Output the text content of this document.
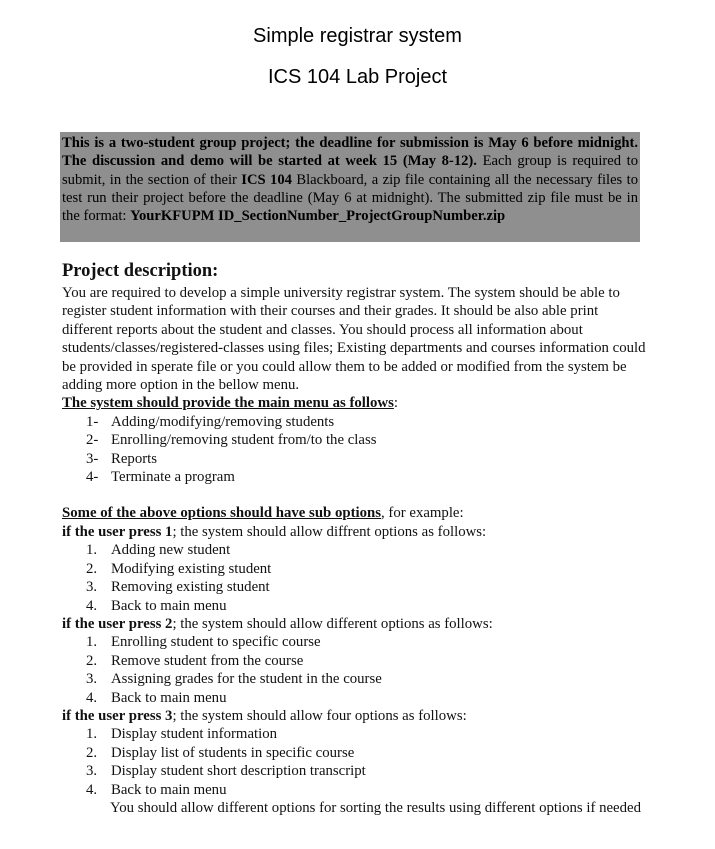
Simple registrar system
ICS 104 Lab Project
This is a two-student group project; the deadline for submission is May 6 before midnight. The discussion and demo will be started at week 15 (May 8-12). Each group is required to submit, in the section of their ICS 104 Blackboard, a zip file containing all the necessary files to test run their project before the deadline (May 6 at midnight). The submitted zip file must be in the format: YourKFUPM ID_SectionNumber_ProjectGroupNumber.zip
Project description:

You are required to develop a simple university registrar system. The system should be able to register student information with their courses and their grades. It should be also able print different reports about the student and classes. You should process all information about students/classes/registered-classes using files; Existing departments and courses information could be provided in sperate file or you could allow them to be added or modified from the system be adding more option in the bellow menu.

The system should provide the main menu as follows:
1- Adding/modifying/removing students
2- Enrolling/removing student from/to the class
3- Reports
4- Terminate a program
Some of the above options should have sub options, for example:
if the user press 1; the system should allow diffrent options as follows:
1. Adding new student
2. Modifying existing student
3. Removing existing student
4. Back to main menu
if the user press 2; the system should allow different options as follows:
1. Enrolling student to specific course
2. Remove student from the course
3. Assigning grades for the student in the course
4. Back to main menu
if the user press 3; the system should allow four options as follows:
1. Display student information
2. Display list of students in specific course
3. Display student short description transcript
4. Back to main menu
You should allow different options for sorting the results using different options if needed
